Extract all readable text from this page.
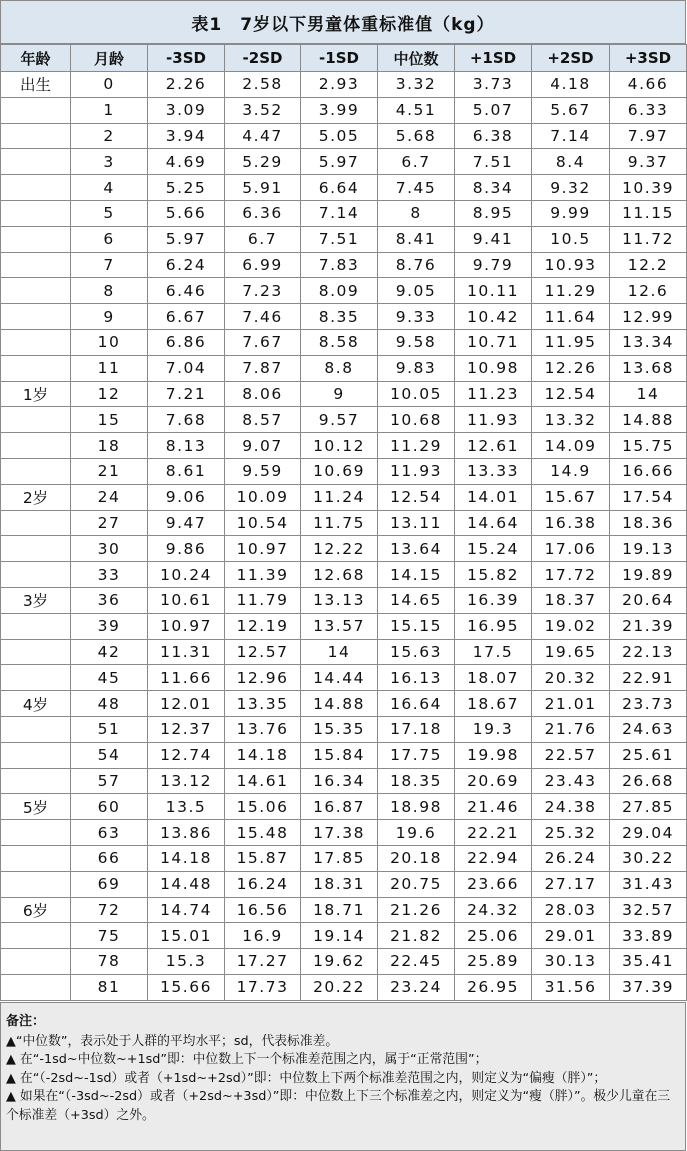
表1　7岁以下男童体重标准值（kg）
年龄	月龄	-3SD	-2SD	-1SD	中位数	+1SD	+2SD	+3SD
出生	0	2.26	2.58	2.93	3.32	3.73	4.18	4.66
	1	3.09	3.52	3.99	4.51	5.07	5.67	6.33
	2	3.94	4.47	5.05	5.68	6.38	7.14	7.97
	3	4.69	5.29	5.97	6.7	7.51	8.4	9.37
	4	5.25	5.91	6.64	7.45	8.34	9.32	10.39
	5	5.66	6.36	7.14	8	8.95	9.99	11.15
	6	5.97	6.7	7.51	8.41	9.41	10.5	11.72
	7	6.24	6.99	7.83	8.76	9.79	10.93	12.2
	8	6.46	7.23	8.09	9.05	10.11	11.29	12.6
	9	6.67	7.46	8.35	9.33	10.42	11.64	12.99
	10	6.86	7.67	8.58	9.58	10.71	11.95	13.34
	11	7.04	7.87	8.8	9.83	10.98	12.26	13.68
1岁	12	7.21	8.06	9	10.05	11.23	12.54	14
	15	7.68	8.57	9.57	10.68	11.93	13.32	14.88
	18	8.13	9.07	10.12	11.29	12.61	14.09	15.75
	21	8.61	9.59	10.69	11.93	13.33	14.9	16.66
2岁	24	9.06	10.09	11.24	12.54	14.01	15.67	17.54
	27	9.47	10.54	11.75	13.11	14.64	16.38	18.36
	30	9.86	10.97	12.22	13.64	15.24	17.06	19.13
	33	10.24	11.39	12.68	14.15	15.82	17.72	19.89
3岁	36	10.61	11.79	13.13	14.65	16.39	18.37	20.64
	39	10.97	12.19	13.57	15.15	16.95	19.02	21.39
	42	11.31	12.57	14	15.63	17.5	19.65	22.13
	45	11.66	12.96	14.44	16.13	18.07	20.32	22.91
4岁	48	12.01	13.35	14.88	16.64	18.67	21.01	23.73
	51	12.37	13.76	15.35	17.18	19.3	21.76	24.63
	54	12.74	14.18	15.84	17.75	19.98	22.57	25.61
	57	13.12	14.61	16.34	18.35	20.69	23.43	26.68
5岁	60	13.5	15.06	16.87	18.98	21.46	24.38	27.85
	63	13.86	15.48	17.38	19.6	22.21	25.32	29.04
	66	14.18	15.87	17.85	20.18	22.94	26.24	30.22
	69	14.48	16.24	18.31	20.75	23.66	27.17	31.43
6岁	72	14.74	16.56	18.71	21.26	24.32	28.03	32.57
	75	15.01	16.9	19.14	21.82	25.06	29.01	33.89
	78	15.3	17.27	19.62	22.45	25.89	30.13	35.41
	81	15.66	17.73	20.22	23.24	26.95	31.56	37.39
备注：
▲“中位数”，表示处于人群的平均水平；sd，代表标准差。
▲ 在“-1sd~中位数~+1sd”即：中位数上下一个标准差范围之内，属于“正常范围”；
▲ 在“（-2sd~-1sd）或者（+1sd~+2sd）”即：中位数上下两个标准差范围之内，则定义为“偏瘦（胖）”；
▲ 如果在“（-3sd~-2sd）或者（+2sd~+3sd）”即：中位数上下三个标准差之内，则定义为“瘦（胖）”。极少儿童在三个标准差（+3sd）之外。
